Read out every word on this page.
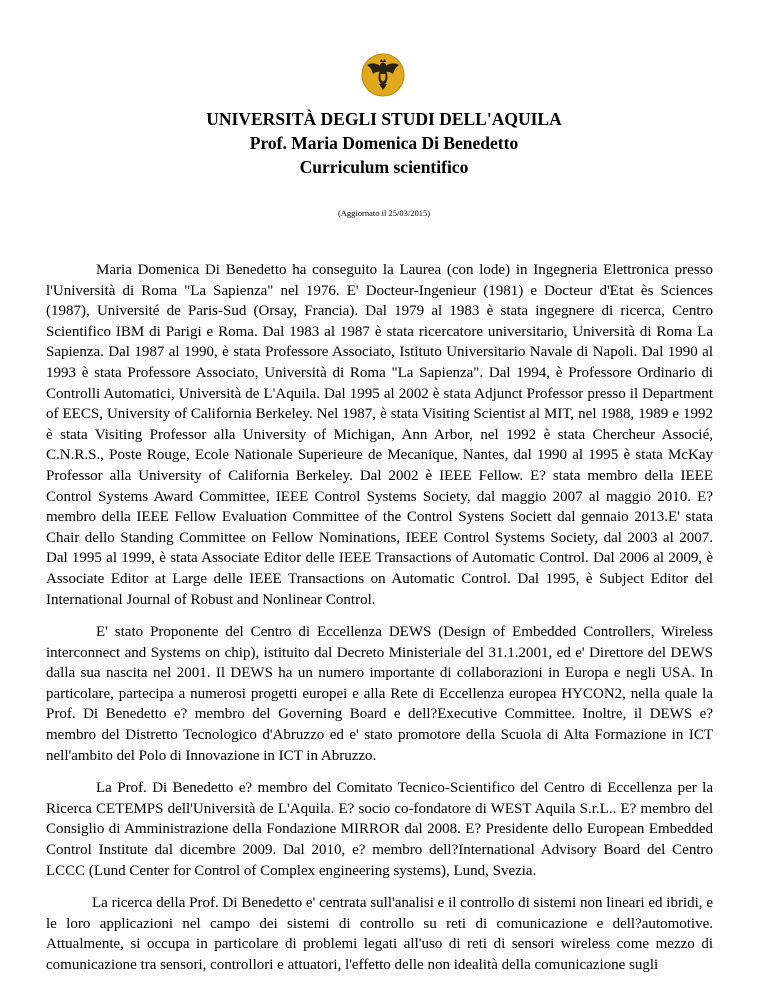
UNIVERSITÀ DEGLI STUDI DELL'AQUILA
Prof. Maria Domenica Di Benedetto
Curriculum scientifico
(Aggiornato il 25/03/2015)

Maria Domenica Di Benedetto ha conseguito la Laurea (con lode) in Ingegneria Elettronica presso l'Università di Roma "La Sapienza" nel 1976. E' Docteur-Ingenieur (1981) e Docteur d'Etat ès Sciences (1987), Université de Paris-Sud (Orsay, Francia). Dal 1979 al 1983 è stata ingegnere di ricerca, Centro Scientifico IBM di Parigi e Roma. Dal 1983 al 1987 è stata ricercatore universitario, Università di Roma La Sapienza. Dal 1987 al 1990, è stata Professore Associato, Istituto Universitario Navale di Napoli. Dal 1990 al 1993 è stata Professore Associato, Università di Roma "La Sapienza". Dal 1994, è Professore Ordinario di Controlli Automatici, Università de L'Aquila. Dal 1995 al 2002 è stata Adjunct Professor presso il Department of EECS, University of California Berkeley. Nel 1987, è stata Visiting Scientist al MIT, nel 1988, 1989 e 1992 è stata Visiting Professor alla University of Michigan, Ann Arbor, nel 1992 è stata Chercheur Associé, C.N.R.S., Poste Rouge, Ecole Nationale Superieure de Mecanique, Nantes, dal 1990 al 1995 è stata McKay Professor alla University of California Berkeley. Dal 2002 è IEEE Fellow. E? stata membro della IEEE Control Systems Award Committee, IEEE Control Systems Society, dal maggio 2007 al maggio 2010. E? membro della IEEE Fellow Evaluation Committee of the Control Systens Societt dal gennaio 2013.E' stata Chair dello Standing Committee on Fellow Nominations, IEEE Control Systems Society, dal 2003 al 2007. Dal 1995 al 1999, è stata Associate Editor delle IEEE Transactions of Automatic Control. Dal 2006 al 2009, è Associate Editor at Large delle IEEE Transactions on Automatic Control. Dal 1995, è Subject Editor del International Journal of Robust and Nonlinear Control.

E' stato Proponente del Centro di Eccellenza DEWS (Design of Embedded Controllers, Wireless interconnect and Systems on chip), istituito dal Decreto Ministeriale del 31.1.2001, ed e' Direttore del DEWS dalla sua nascita nel 2001. Il DEWS ha un numero importante di collaborazioni in Europa e negli USA. In particolare, partecipa a numerosi progetti europei e alla Rete di Eccellenza europea HYCON2, nella quale la Prof. Di Benedetto e? membro del Governing Board e dell?Executive Committee. Inoltre, il DEWS e? membro del Distretto Tecnologico d'Abruzzo ed e' stato promotore della Scuola di Alta Formazione in ICT nell'ambito del Polo di Innovazione in ICT in Abruzzo.

La Prof. Di Benedetto e? membro del Comitato Tecnico-Scientifico del Centro di Eccellenza per la Ricerca CETEMPS dell'Università de L'Aquila. E? socio co-fondatore di WEST Aquila S.r.L.. E? membro del Consiglio di Amministrazione della Fondazione MIRROR dal 2008. E? Presidente dello European Embedded Control Institute dal dicembre 2009. Dal 2010, e? membro dell?International Advisory Board del Centro LCCC (Lund Center for Control of Complex engineering systems), Lund, Svezia.

La ricerca della Prof. Di Benedetto e' centrata sull'analisi e il controllo di sistemi non lineari ed ibridi, e le loro applicazioni nel campo dei sistemi di controllo su reti di comunicazione e dell?automotive. Attualmente, si occupa in particolare di problemi legati all'uso di reti di sensori wireless come mezzo di comunicazione tra sensori, controllori e attuatori, l'effetto delle non idealità della comunicazione sugli
